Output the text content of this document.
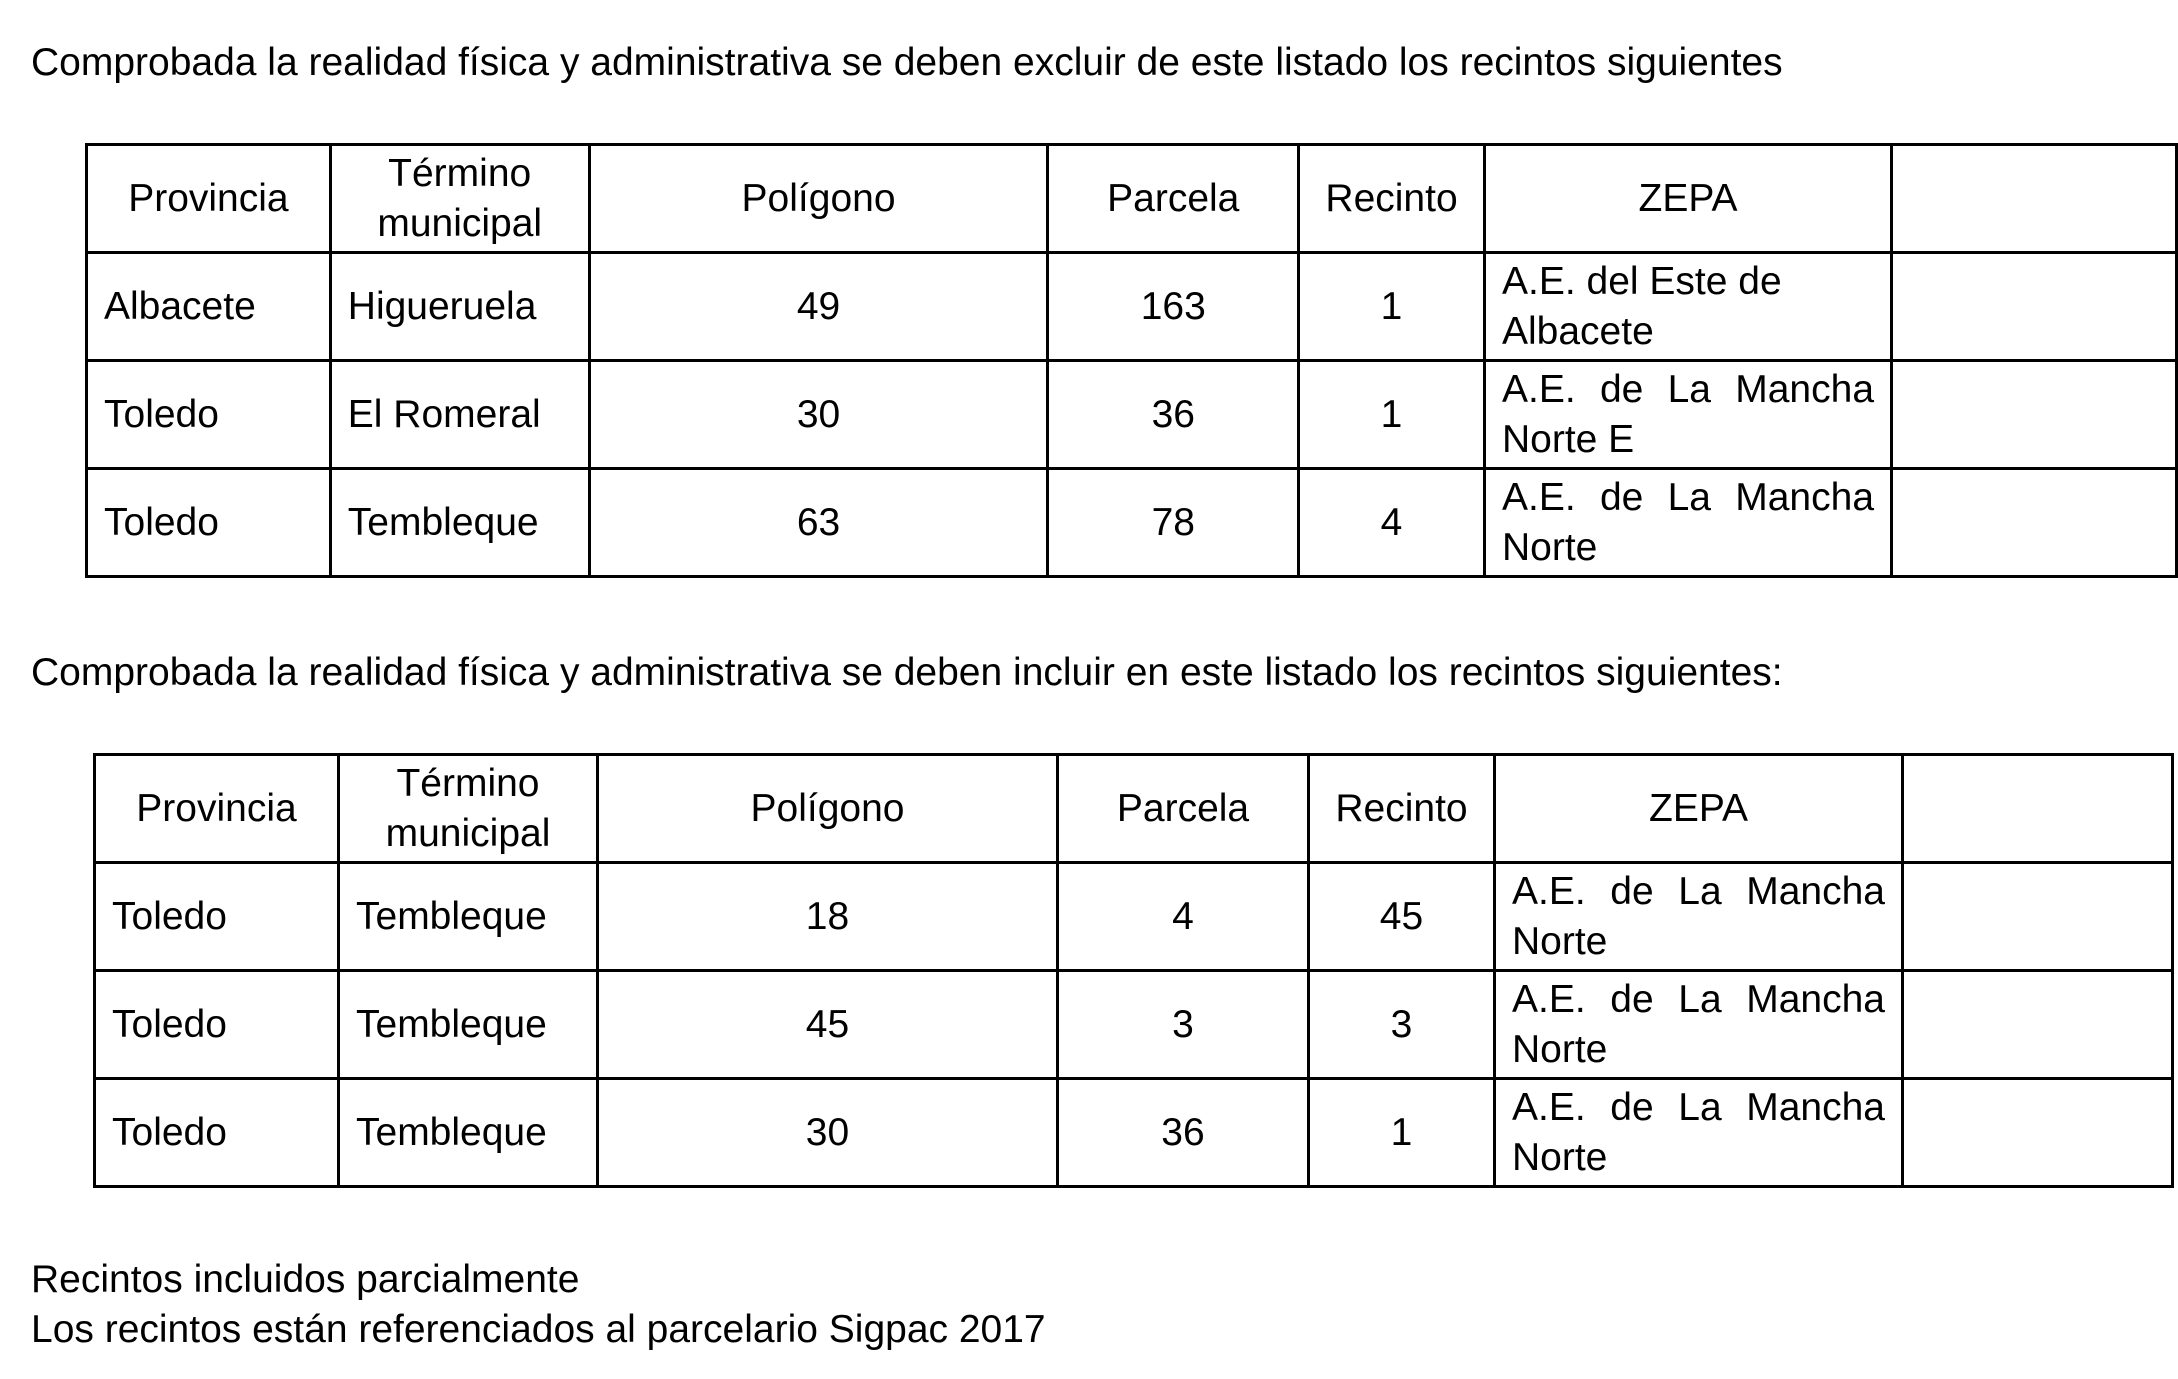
Comprobada la realidad física y administrativa se deben excluir de este listado los recintos siguientes

Provincia	Término municipal	Polígono	Parcela	Recinto	ZEPA	
Albacete	Higueruela	49	163	1	A.E. del Este de Albacete	
Toledo	El Romeral	30	36	1	A.E. de La Mancha Norte E	
Toledo	Tembleque	63	78	4	A.E. de La Mancha Norte	

Comprobada la realidad física y administrativa se deben incluir en este listado los recintos siguientes:

Provincia	Término municipal	Polígono	Parcela	Recinto	ZEPA	
Toledo	Tembleque	18	4	45	A.E. de La Mancha Norte	
Toledo	Tembleque	45	3	3	A.E. de La Mancha Norte	
Toledo	Tembleque	30	36	1	A.E. de La Mancha Norte	

Recintos incluidos parcialmente

Los recintos están referenciados al parcelario Sigpac 2017
